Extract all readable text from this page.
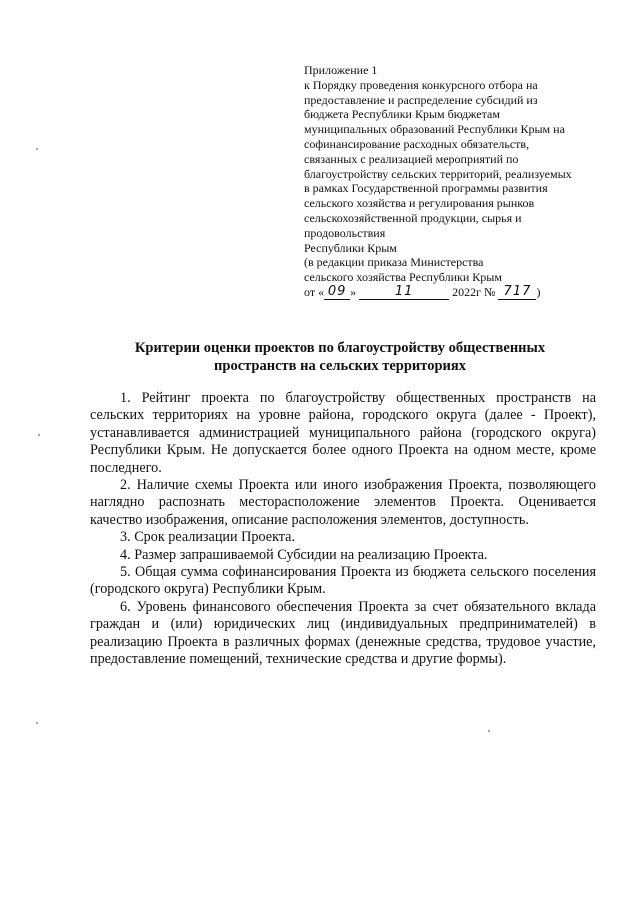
Приложение 1
к Порядку проведения конкурсного отбора на
предоставление и распределение субсидий из
бюджета Республики Крым бюджетам
муниципальных образований Республики Крым на
софинансирование расходных обязательств,
связанных с реализацией мероприятий по
благоустройству сельских территорий, реализуемых
в рамках Государственной программы развития
сельского хозяйства и регулирования рынков
сельскохозяйственной продукции, сырья и
продовольствия
Республики Крым
(в редакции приказа Министерства
сельского хозяйства Республики Крым
от « 09 »	11	2022г № 717 )
Критерии оценки проектов по благоустройству общественных
пространств на сельских территориях

1. Рейтинг проекта по благоустройству общественных пространств на сельских территориях на уровне района, городского округа (далее - Проект), устанавливается администрацией муниципального района (городского округа) Республики Крым. Не допускается более одного Проекта на одном месте, кроме последнего.

2. Наличие схемы Проекта или иного изображения Проекта, позволяющего наглядно распознать месторасположение элементов Проекта. Оценивается качество изображения, описание расположения элементов, доступность.

3. Срок реализации Проекта.

4. Размер запрашиваемой Субсидии на реализацию Проекта.

5. Общая сумма софинансирования Проекта из бюджета сельского поселения (городского округа) Республики Крым.

6. Уровень финансового обеспечения Проекта за счет обязательного вклада граждан и (или) юридических лиц (индивидуальных предпринимателей) в реализацию Проекта в различных формах (денежные средства, трудовое участие, предоставление помещений, технические средства и другие формы).
